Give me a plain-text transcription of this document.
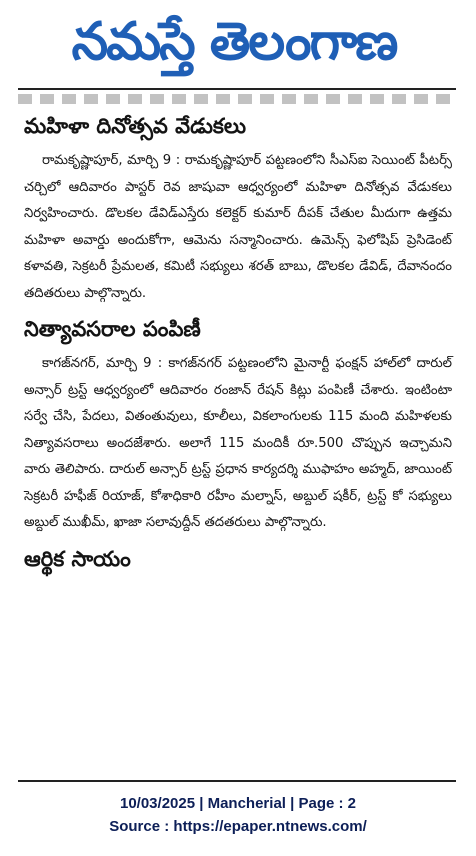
నమస్తే తెలంగాణ
మహిళా దినోత్సవ వేడుకలు

రామకృష్ణాపూర్, మార్చి 9 : రామకృష్ణాపూర్ పట్టణంలోని సీఎస్ఐ సెయింట్ పీటర్స్ చర్చిలో ఆదివారం పాస్టర్ రెవ జాషువా ఆధ్వర్యంలో మహిళా దినోత్సవ వేడుకలు నిర్వహించారు. డొలకల డేవిడ్‌ఎస్తేరు కలెక్టర్ కుమార్ దీపక్ చేతుల మీదుగా ఉత్తమ మహిళా అవార్డు అందుకోగా, ఆమెను సన్మానించారు. ఉమెన్స్ ఫెలోషిప్ ప్రెసిడెంట్ కళావతి, సెక్రటరీ ప్రేమలత, కమిటీ సభ్యులు శరత్ బాబు, డొలకల డేవిడ్, దేవానందం తదితరులు పాల్గొన్నారు.

నిత్యావసరాల పంపిణీ

కాగజ్‌నగర్, మార్చి 9 : కాగజ్‌నగర్ పట్టణంలోని మైనార్టీ ఫంక్షన్ హాల్‌లో దారుల్ అన్సార్ ట్రస్ట్ ఆధ్వర్యంలో ఆదివారం రంజాన్ రేషన్ కిట్లు పంపిణీ చేశారు. ఇంటింటా సర్వే చేసి, పేదలు, వితంతువులు, కూలీలు, వికలాంగులకు 115 మంది మహిళలకు నిత్యావసరాలు అందజేశారు. అలాగే 115 మందికీ రూ.500 చొప్పున ఇచ్చామని వారు తెలిపారు. దారుల్ అన్సార్ ట్రస్ట్ ప్రధాన కార్యదర్శి ముఫాహం అహ్మద్, జాయింట్ సెక్రటరీ హఫీజ్ రియాజ్, కోశాధికారి రహీం మల్నాస్, అబ్దుల్ షకీర్, ట్రస్ట్ కో సభ్యులు అబ్దుల్ ముఖీమ్, ఖాజా సలావుద్దీన్ తదతరులు పాల్గొన్నారు.

ఆర్థిక సాయం
10/03/2025 | Mancherial | Page : 2
Source : https://epaper.ntnews.com/
